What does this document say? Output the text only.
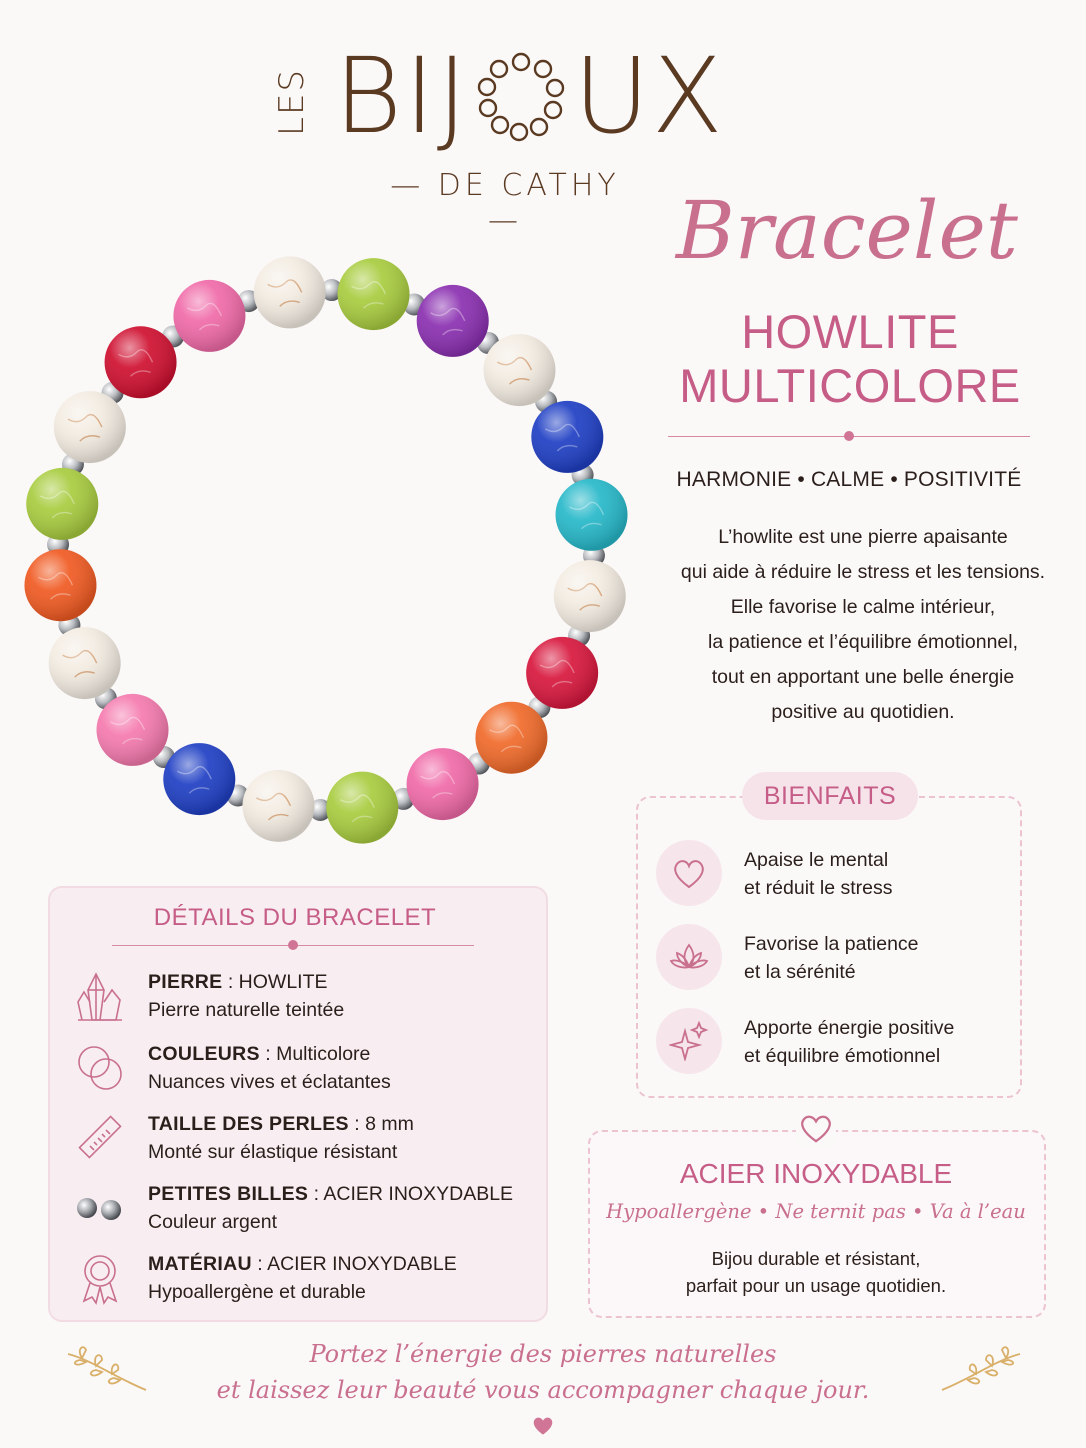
LES BIJ UX
— DE CATHY —	Bracelet
HOWLITE
MULTICOLORE
HARMONIE • CALME • POSITIVITÉ
L’howlite est une pierre apaisante
qui aide à réduire le stress et les tensions.
Elle favorise le calme intérieur,
la patience et l’équilibre émotionnel,
tout en apportant une belle énergie
positive au quotidien.
BIENFAITS
Apaise le mental
et réduit le stress
Favorise la patience
et la sérénité
Apporte énergie positive
et équilibre émotionnel
ACIER INOXYDABLE
Hypoallergène • Ne ternit pas • Va à l’eau
Bijou durable et résistant,
parfait pour un usage quotidien.
DÉTAILS DU BRACELET
PIERRE : HOWLITE
Pierre naturelle teintée
COULEURS : Multicolore
Nuances vives et éclatantes
TAILLE DES PERLES : 8 mm
Monté sur élastique résistant
PETITES BILLES : ACIER INOXYDABLE
Couleur argent
MATÉRIAU : ACIER INOXYDABLE
Hypoallergène et durable
Portez l’énergie des pierres naturelles
et laissez leur beauté vous accompagner chaque jour.
